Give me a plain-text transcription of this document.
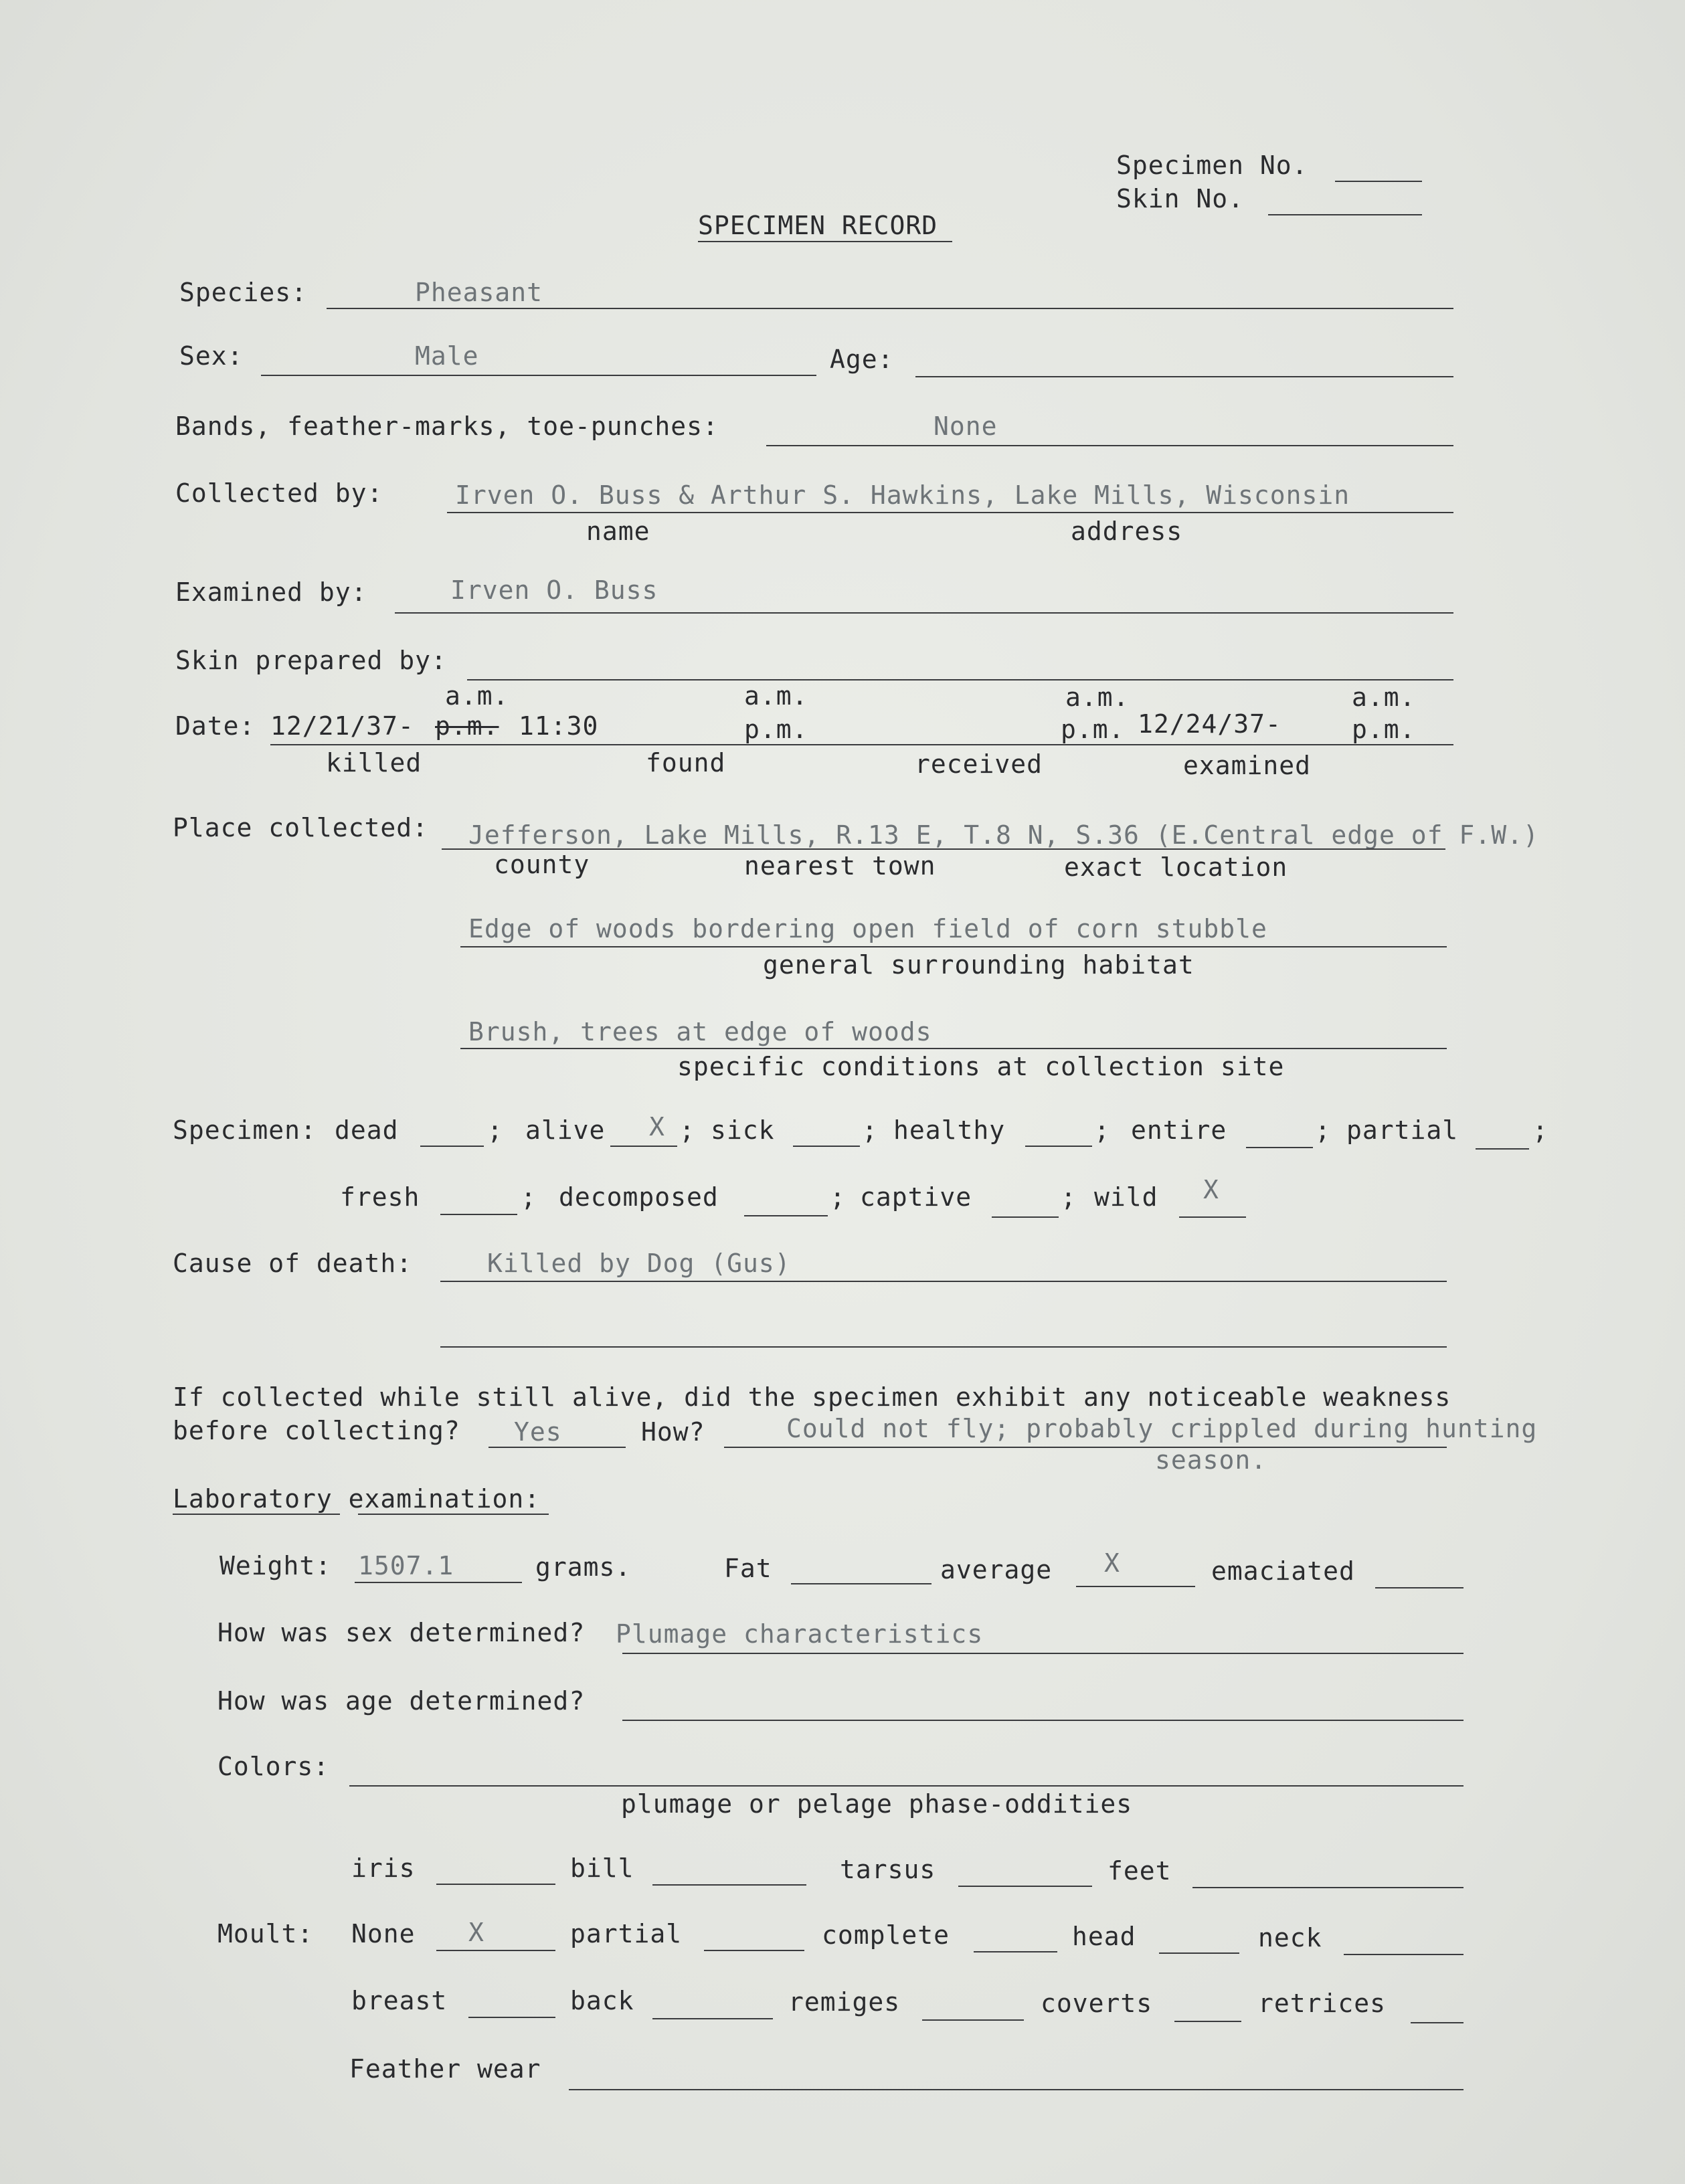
Specimen No.
Skin No.
SPECIMEN RECORD
Species:	Pheasant
Sex:	Male	Age:
Bands, feather-marks, toe-punches:	None
Collected by:	Irven O. Buss & Arthur S. Hawkins, Lake Mills, Wisconsin
name	address
Examined by:	Irven O. Buss
Skin prepared by:
a.m.	a.m.	a.m.	a.m.
Date: 12/21/37- p.m. 11:30	p.m.	p.m. 12/24/37-	p.m.
killed	found	received	examined
Place collected: Jefferson, Lake Mills, R.13 E, T.8 N, S.36 (E.Central edge of F.W.)
county	nearest town	exact location
Edge of woods bordering open field of corn stubble
general surrounding habitat
Brush, trees at edge of woods
specific conditions at collection site
Specimen: dead	; alive X ; sick	; healthy	; entire	; partial	;
fresh	; decomposed	; captive	; wild X
Cause of death:	Killed by Dog (Gus)
If collected while still alive, did the specimen exhibit any noticeable weakness
before collecting? Yes	How?	Could not fly; probably crippled during hunting
season.
Laboratory examination:
Weight: 1507.1	grams.	Fat	average X	emaciated
How was sex determined? Plumage characteristics
How was age determined?
Colors:
plumage or pelage phase-oddities
iris	bill	tarsus	feet
Moult: None X	partial	complete	head	neck
breast	back	remiges	coverts	retrices
Feather wear
